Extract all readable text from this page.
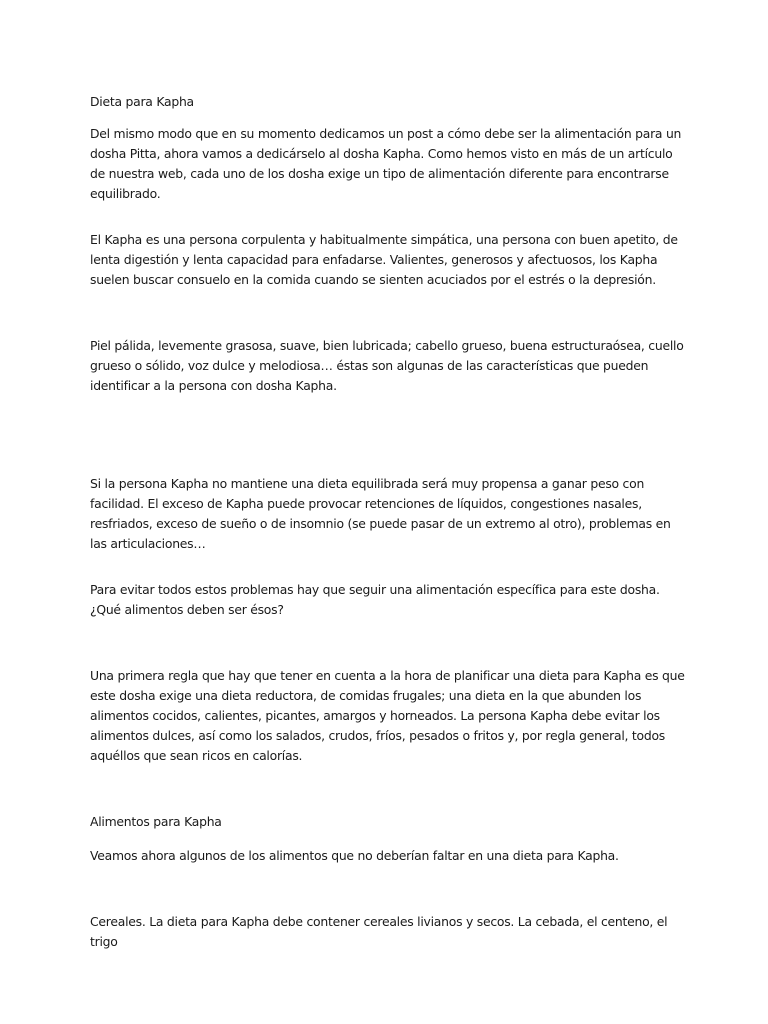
Dieta para Kapha

Del mismo modo que en su momento dedicamos un post a cómo debe ser la alimentación para un dosha Pitta, ahora vamos a dedicárselo al dosha Kapha. Como hemos visto en más de un artículo de nuestra web, cada uno de los dosha exige un tipo de alimentación diferente para encontrarse equilibrado.

El Kapha es una persona corpulenta y habitualmente simpática, una persona con buen apetito, de lenta digestión y lenta capacidad para enfadarse. Valientes, generosos y afectuosos, los Kapha suelen buscar consuelo en la comida cuando se sienten acuciados por el estrés o la depresión.

Piel pálida, levemente grasosa, suave, bien lubricada; cabello grueso, buena estructuraósea, cuello grueso o sólido, voz dulce y melodiosa… éstas son algunas de las características que pueden identificar a la persona con dosha Kapha.

Si la persona Kapha no mantiene una dieta equilibrada será muy propensa a ganar peso con facilidad. El exceso de Kapha puede provocar retenciones de líquidos, congestiones nasales, resfriados, exceso de sueño o de insomnio (se puede pasar de un extremo al otro), problemas en las articulaciones…

Para evitar todos estos problemas hay que seguir una alimentación específica para este dosha. ¿Qué alimentos deben ser ésos?

Una primera regla que hay que tener en cuenta a la hora de planificar una dieta para Kapha es que este dosha exige una dieta reductora, de comidas frugales; una dieta en la que abunden los alimentos cocidos, calientes, picantes, amargos y horneados. La persona Kapha debe evitar los alimentos dulces, así como los salados, crudos, fríos, pesados o fritos y, por regla general, todos aquéllos que sean ricos en calorías.

Alimentos para Kapha

Veamos ahora algunos de los alimentos que no deberían faltar en una dieta para Kapha.

Cereales. La dieta para Kapha debe contener cereales livianos y secos. La cebada, el centeno, el trigo
